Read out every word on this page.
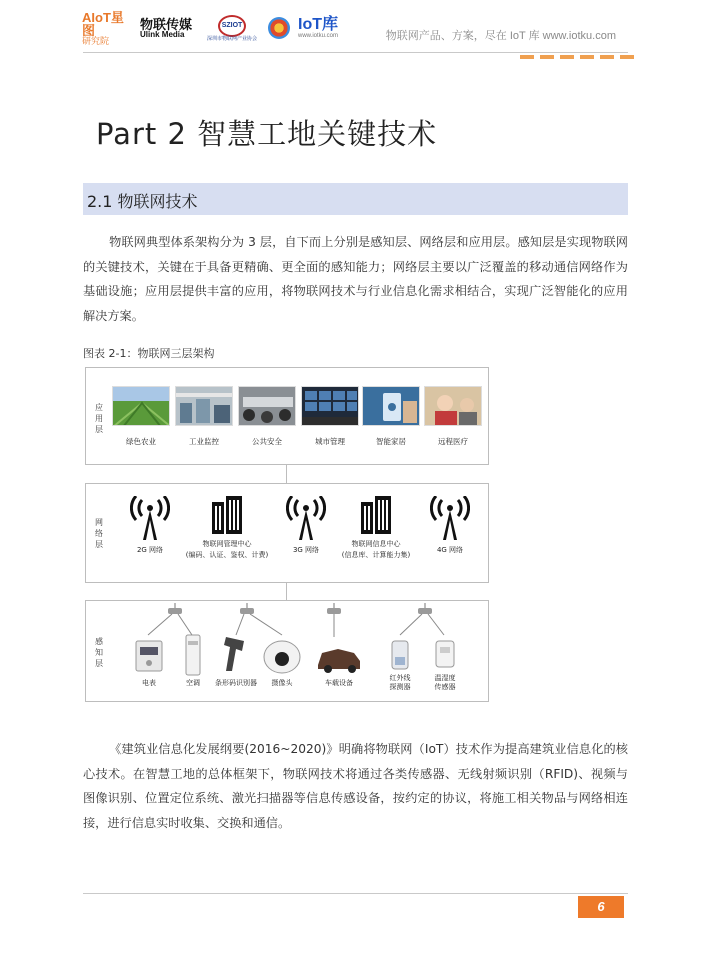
AIoT星图
研究院
物联传媒
Ulink Media
SZIOT
深圳市物联网产业协会
IoT库
www.iotku.com	物联网产品、方案，尽在 IoT 库 www.iotku.com
Part 2 智慧工地关键技术
2.1 物联网技术

物联网典型体系架构分为 3 层，自下而上分别是感知层、网络层和应用层。感知层是实现物联网的关键技术，关键在于具备更精确、更全面的感知能力；网络层主要以广泛覆盖的移动通信网络作为基础设施；应用层提供丰富的应用，将物联网技术与行业信息化需求相结合，实现广泛智能化的应用解决方案。

图表 2-1：物联网三层架构
应用层
绿色农业	工业监控	公共安全	城市管理	智能家居	远程医疗
网络层
2G 网络
物联网管理中心
(编码、认证、鉴权、计费)
3G 网络
物联网信息中心
(信息库、计算能力集)
4G 网络
感知层
电表	空调 条形码识别器 摄像头	车载设备
红外线
探测器
温湿度
传感器

《建筑业信息化发展纲要(2016~2020)》明确将物联网（IoT）技术作为提高建筑业信息化的核心技术。在智慧工地的总体框架下，物联网技术将通过各类传感器、无线射频识别（RFID)、视频与图像识别、位置定位系统、激光扫描器等信息传感设备，按约定的协议，将施工相关物品与网络相连接，进行信息实时收集、交换和通信。

6
